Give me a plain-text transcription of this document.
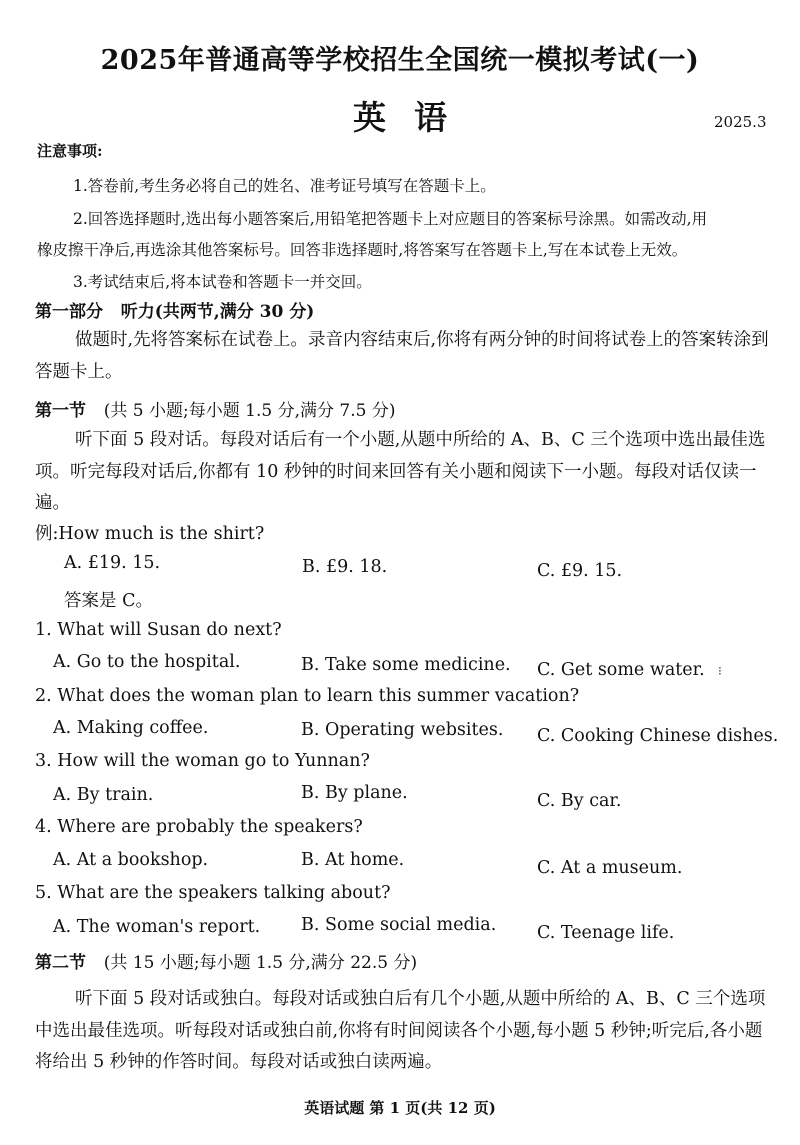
2025年普通高等学校招生全国统一模拟考试(一)
英语	2025.3
注意事项:
1.答卷前,考生务必将自己的姓名、准考证号填写在答题卡上。
2.回答选择题时,选出每小题答案后,用铅笔把答题卡上对应题目的答案标号涂黑。如需改动,用
橡皮擦干净后,再选涂其他答案标号。回答非选择题时,将答案写在答题卡上,写在本试卷上无效。
3.考试结束后,将本试卷和答题卡一并交回。
第一部分 听力(共两节,满分 30 分)
做题时,先将答案标在试卷上。录音内容结束后,你将有两分钟的时间将试卷上的答案转涂到答题卡上。
第一节 (共 5 小题;每小题 1.5 分,满分 7.5 分)
听下面 5 段对话。每段对话后有一个小题,从题中所给的 A、B、C 三个选项中选出最佳选项。听完每段对话后,你都有 10 秒钟的时间来回答有关小题和阅读下一小题。每段对话仅读一遍。
例:How much is the shirt?
A. £19. 15.	B. £9. 18.	C. £9. 15.
答案是 C。
1. What will Susan do next?
A. Go to the hospital.	B. Take some medicine. C. Get some water. ⁝
2. What does the woman plan to learn this summer vacation?
A. Making coffee.	B. Operating websites. C. Cooking Chinese dishes.
3. How will the woman go to Yunnan?
A. By train.	B. By plane.	C. By car.
4. Where are probably the speakers?
A. At a bookshop.	B. At home.	C. At a museum.
5. What are the speakers talking about?
A. The woman's report. B. Some social media. C. Teenage life.
第二节 (共 15 小题;每小题 1.5 分,满分 22.5 分)
听下面 5 段对话或独白。每段对话或独白后有几个小题,从题中所给的 A、B、C 三个选项中选出最佳选项。听每段对话或独白前,你将有时间阅读各个小题,每小题 5 秒钟;听完后,各小题将给出 5 秒钟的作答时间。每段对话或独白读两遍。
英语试题 第 1 页(共 12 页)
